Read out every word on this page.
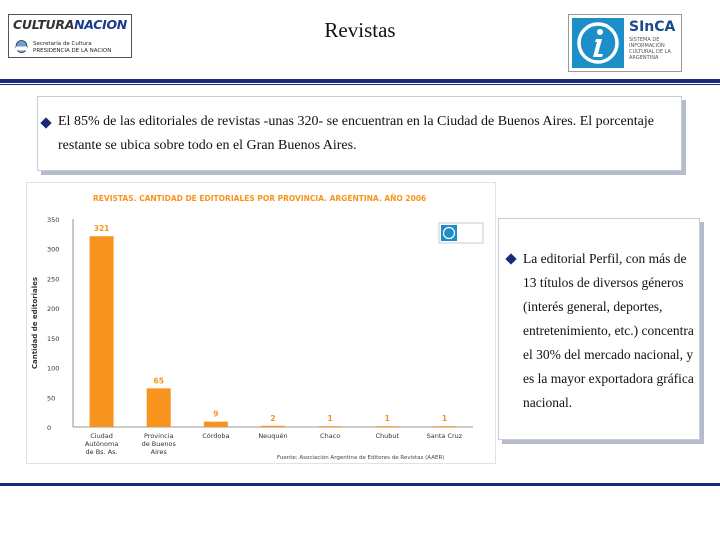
CULTURANACION
Secretaría de Cultura
PRESIDENCIA DE LA NACION
Revistas	SInCA
SISTEMA DE INFORMACIÓN CULTURAL DE LA ARGENTINA
El 85% de las editoriales de revistas -unas 320- se encuentran en la Ciudad de Buenos Aires. El porcentaje restante se ubica sobre todo en el Gran Buenos Aires.
REVISTAS. CANTIDAD DE EDITORIALES POR PROVINCIA. ARGENTINA. AÑO 2006
Cantidad de editoriales
0
50
100
150
200
250
300
350
321
Ciudad
Autónoma
de Bs. As.
65
Provincia
de Buenos
Aires
9
Córdoba
2
Neuquén
1
Chaco
1
Chubut
1
Santa Cruz
Fuente: Asociación Argentina de Editores de Revistas (AAER)
La editorial Perfil, con más de 13 títulos de diversos géneros (interés general, deportes, entretenimiento, etc.) concentra el 30% del mercado nacional, y es la mayor exportadora gráfica nacional.
